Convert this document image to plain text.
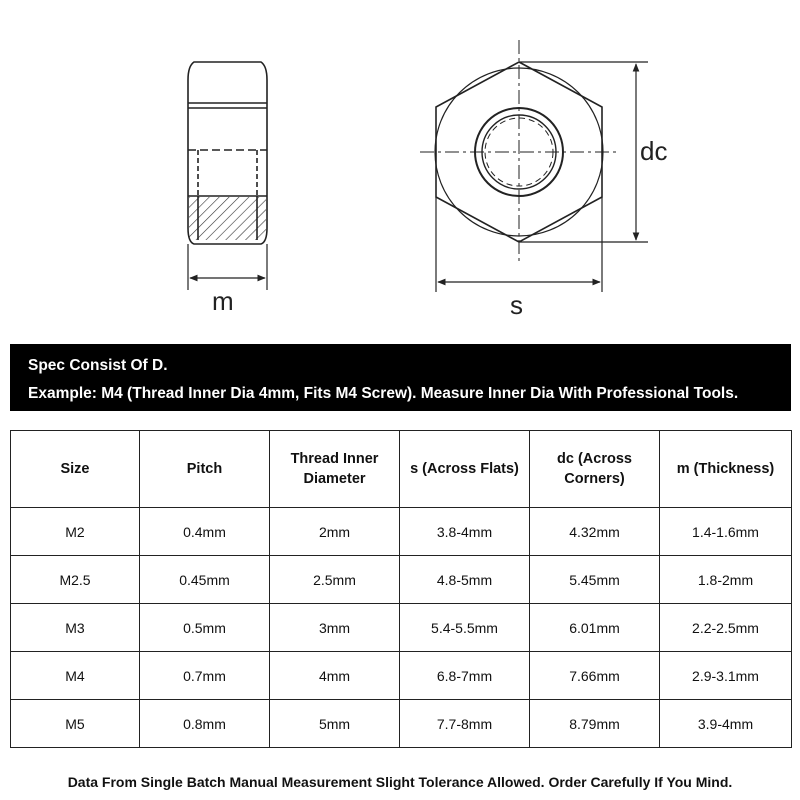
m	s
dc
Spec Consist Of D.
Example: M4 (Thread Inner Dia 4mm, Fits M4 Screw). Measure Inner Dia With Professional Tools.
Size	Pitch	Thread Inner Diameter	s (Across Flats)	dc (Across Corners)	m (Thickness)
M2	0.4mm	2mm	3.8-4mm	4.32mm	1.4-1.6mm
M2.5	0.45mm	2.5mm	4.8-5mm	5.45mm	1.8-2mm
M3	0.5mm	3mm	5.4-5.5mm	6.01mm	2.2-2.5mm
M4	0.7mm	4mm	6.8-7mm	7.66mm	2.9-3.1mm
M5	0.8mm	5mm	7.7-8mm	8.79mm	3.9-4mm
Data From Single Batch Manual Measurement Slight Tolerance Allowed. Order Carefully If You Mind.
